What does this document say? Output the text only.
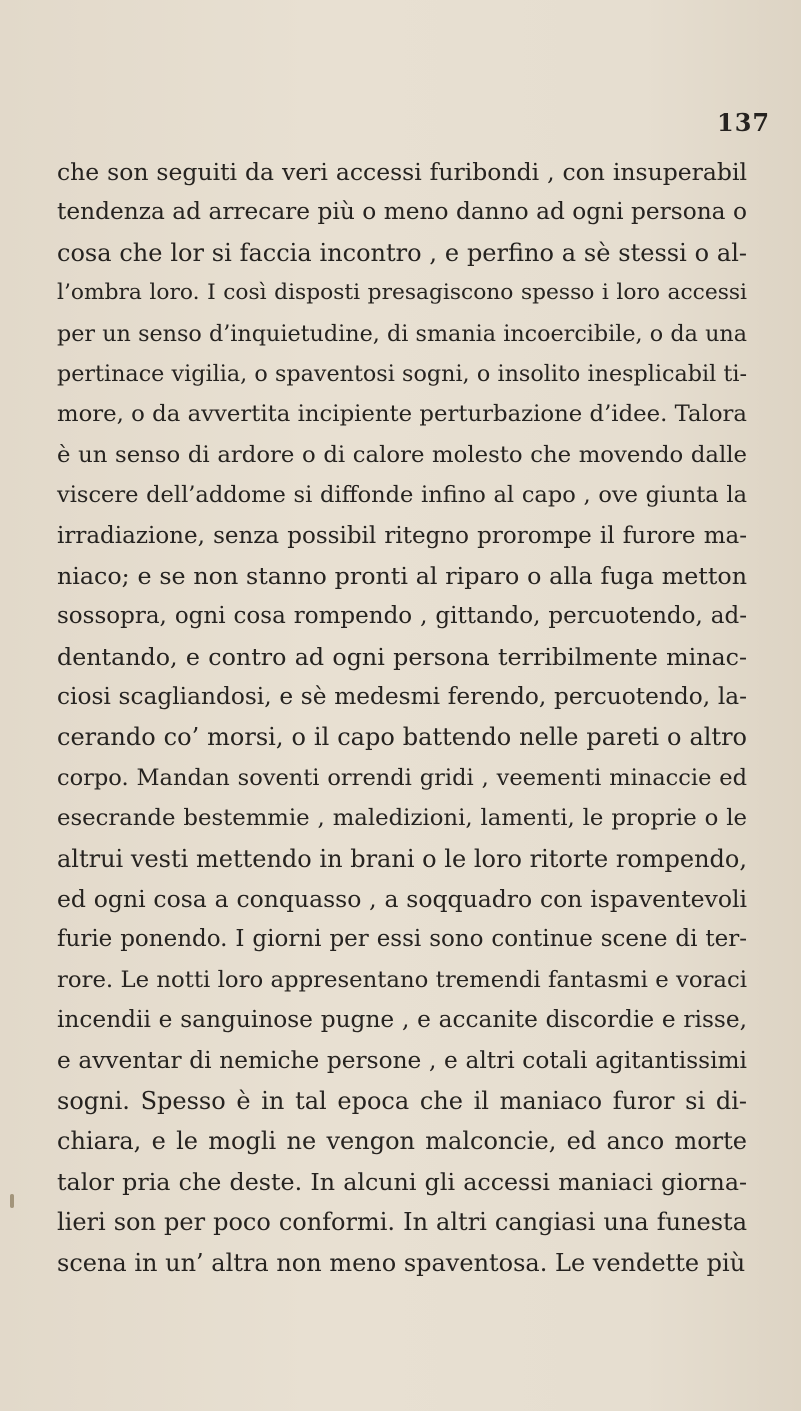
137
che son seguiti da veri accessi furibondi , con insuperabil
tendenza ad arrecare più o meno danno ad ogni persona o
cosa che lor si faccia incontro , e perfino a sè stessi o al-
l’ombra loro. I così disposti presagiscono spesso i loro accessi
per un senso d’inquietudine, di smania incoercibile, o da una
pertinace vigilia, o spaventosi sogni, o insolito inesplicabil ti-
more, o da avvertita incipiente perturbazione d’idee. Talora
è un senso di ardore o di calore molesto che movendo dalle
viscere dell’addome si diffonde infino al capo , ove giunta la
irradiazione, senza possibil ritegno prorompe il furore ma-
niaco; e se non stanno pronti al riparo o alla fuga metton
sossopra, ogni cosa rompendo , gittando, percuotendo, ad-
dentando, e contro ad ogni persona terribilmente minac-
ciosi scagliandosi, e sè medesmi ferendo, percuotendo, la-
cerando co’ morsi, o il capo battendo nelle pareti o altro
corpo. Mandan soventi orrendi gridi , veementi minaccie ed
esecrande bestemmie , maledizioni, lamenti, le proprie o le
altrui vesti mettendo in brani o le loro ritorte rompendo,
ed ogni cosa a conquasso , a soqquadro con ispaventevoli
furie ponendo. I giorni per essi sono continue scene di ter-
rore. Le notti loro appresentano tremendi fantasmi e voraci
incendii e sanguinose pugne , e accanite discordie e risse,
e avventar di nemiche persone , e altri cotali agitantissimi
sogni. Spesso è in tal epoca che il maniaco furor si di-
chiara, e le mogli ne vengon malconcie, ed anco morte
talor pria che deste. In alcuni gli accessi maniaci giorna-
lieri son per poco conformi. In altri cangiasi una funesta
scena in un’ altra non meno spaventosa. Le vendette più
